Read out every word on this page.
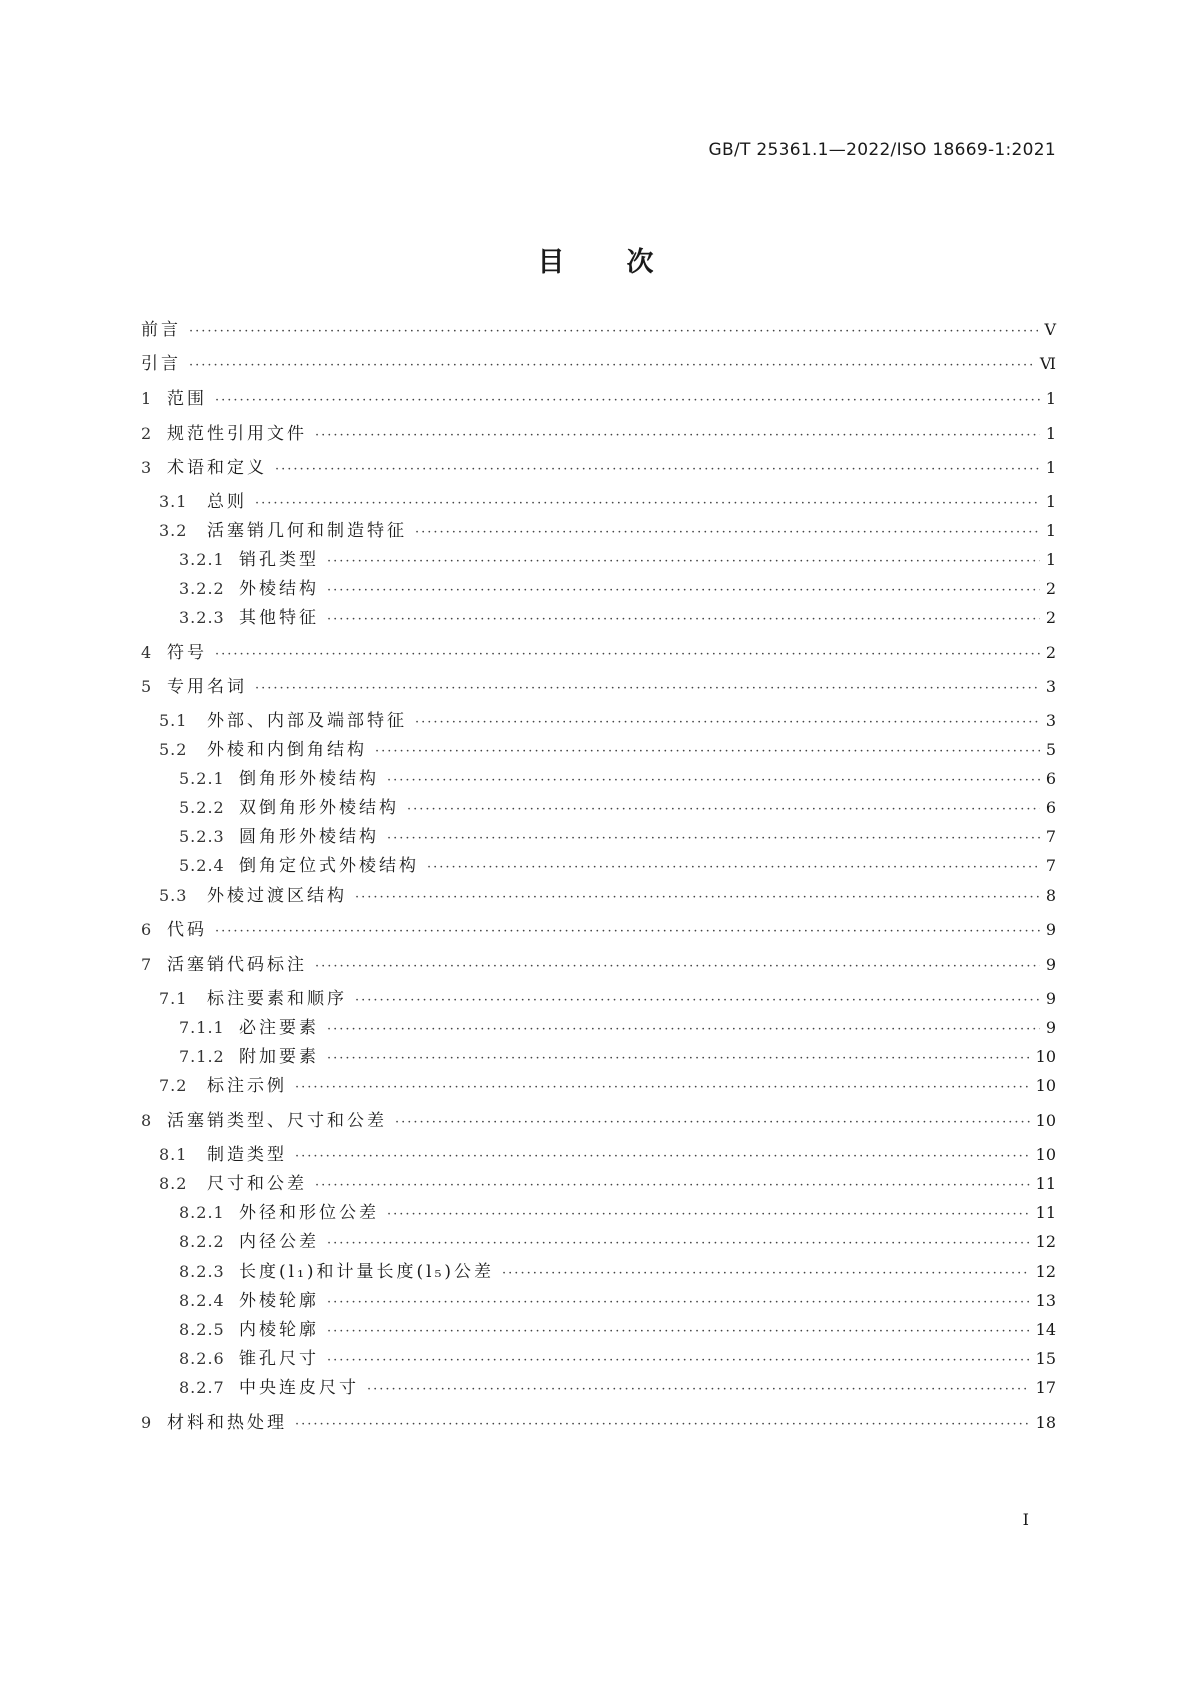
GB/T 25361.1—2022/ISO 18669-1:2021
目次
前言 ·····	Ⅴ
引言 ·····	Ⅵ
1 范围 ·····	1
2 规范性引用文件 ·····	1
3 术语和定义 ·····	1
3.1	总则 ·····	1
3.2	活塞销几何和制造特征 ·····	1
3.2.1 销孔类型 ·····	1
3.2.2 外棱结构 ·····	2
3.2.3 其他特征 ·····	2
4 符号 ·····	2
5 专用名词 ·····	3
5.1	外部、内部及端部特征 ·····	3
5.2	外棱和内倒角结构 ·····	5
5.2.1 倒角形外棱结构 ·····	6
5.2.2 双倒角形外棱结构 ·····	6
5.2.3 圆角形外棱结构 ·····	7
5.2.4 倒角定位式外棱结构 ·····	7
5.3	外棱过渡区结构 ·····	8
6 代码 ·····	9
7 活塞销代码标注 ·····	9
7.1	标注要素和顺序 ·····	9
7.1.1 必注要素 ·····	9
7.1.2 附加要素 ·····	10
7.2	标注示例 ·····	10
8 活塞销类型、尺寸和公差 ·····	10
8.1	制造类型 ·····	10
8.2	尺寸和公差 ·····	11
8.2.1 外径和形位公差 ·····	11
8.2.2 内径公差 ·····	12
8.2.3 长度(l₁)和计量长度(l₅)公差 ·····	12
8.2.4 外棱轮廓 ·····	13
8.2.5 内棱轮廓 ·····	14
8.2.6 锥孔尺寸 ·····	15
8.2.7 中央连皮尺寸 ·····	17
9 材料和热处理 ·····	18
Ⅰ
